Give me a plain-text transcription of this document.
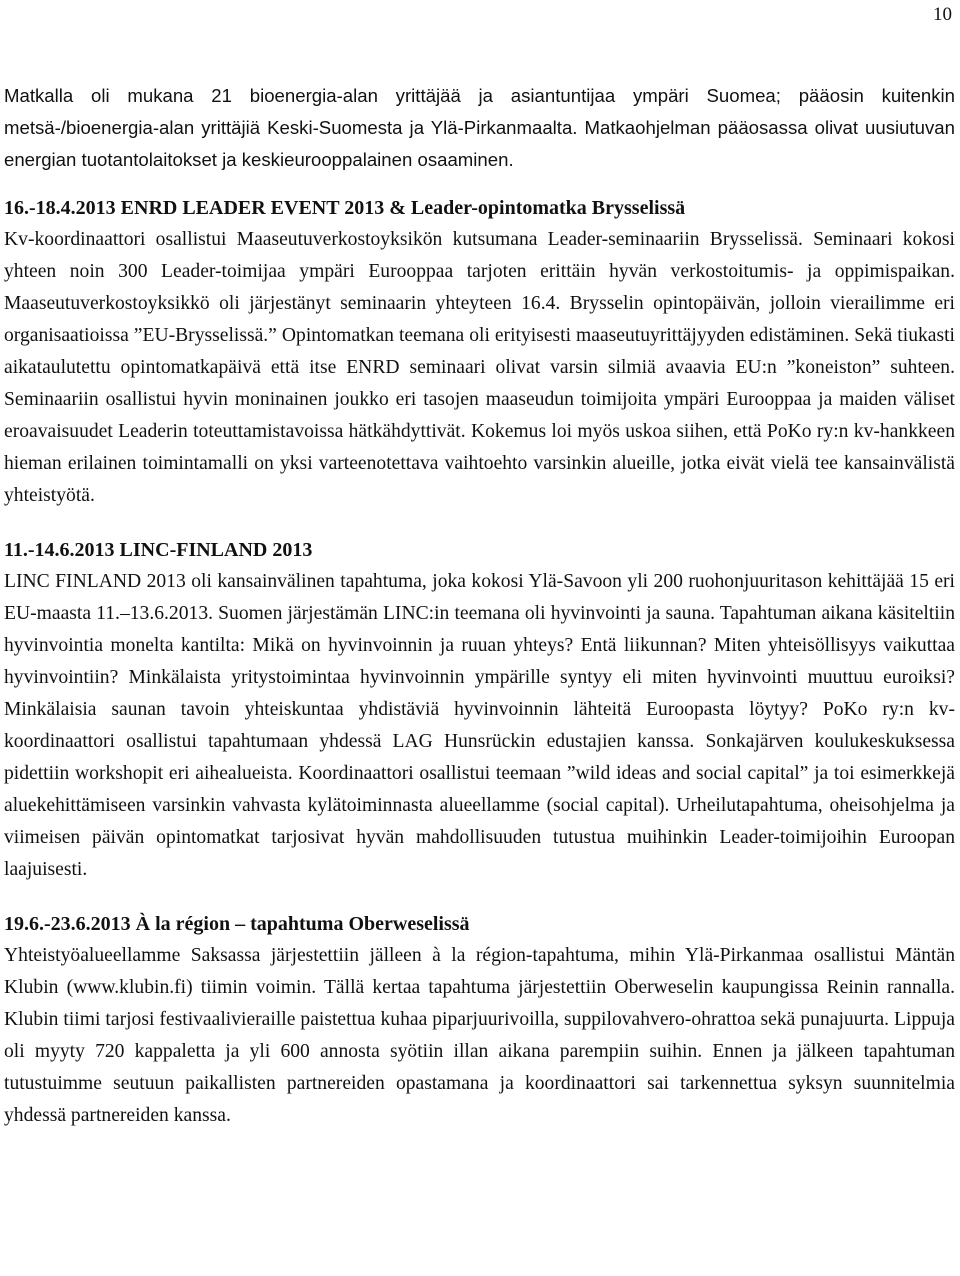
10

Matkalla oli mukana 21 bioenergia-alan yrittäjää ja asiantuntijaa ympäri Suomea; pääosin kuitenkin metsä-/bioenergia-alan yrittäjiä Keski-Suomesta ja Ylä-Pirkanmaalta. Matkaohjelman pääosassa olivat uusiutuvan energian tuotantolaitokset ja keskieurooppalainen osaaminen.

16.-18.4.2013 ENRD LEADER EVENT 2013 & Leader-opintomatka Brysselissä

Kv-koordinaattori osallistui Maaseutuverkostoyksikön kutsumana Leader-seminaariin Brysselissä. Seminaari kokosi yhteen noin 300 Leader-toimijaa ympäri Eurooppaa tarjoten erittäin hyvän verkostoitumis- ja oppimispaikan. Maaseutuverkostoyksikkö oli järjestänyt seminaarin yhteyteen 16.4. Brysselin opintopäivän, jolloin vierailimme eri organisaatioissa ”EU-Brysselissä.” Opintomatkan teemana oli erityisesti maaseutuyrittäjyyden edistäminen. Sekä tiukasti aikataulutettu opintomatkapäivä että itse ENRD seminaari olivat varsin silmiä avaavia EU:n ”koneiston” suhteen. Seminaariin osallistui hyvin moninainen joukko eri tasojen maaseudun toimijoita ympäri Eurooppaa ja maiden väliset eroavaisuudet Leaderin toteuttamistavoissa hätkähdyttivät. Kokemus loi myös uskoa siihen, että PoKo ry:n kv-hankkeen hieman erilainen toimintamalli on yksi varteenotettava vaihtoehto varsinkin alueille, jotka eivät vielä tee kansainvälistä yhteistyötä.

11.-14.6.2013 LINC-FINLAND 2013

LINC FINLAND 2013 oli kansainvälinen tapahtuma, joka kokosi Ylä-Savoon yli 200 ruohonjuuritason kehittäjää 15 eri EU-maasta 11.–13.6.2013. Suomen järjestämän LINC:in teemana oli hyvinvointi ja sauna. Tapahtuman aikana käsiteltiin hyvinvointia monelta kantilta: Mikä on hyvinvoinnin ja ruuan yhteys? Entä liikunnan? Miten yhteisöllisyys vaikuttaa hyvinvointiin? Minkälaista yritystoimintaa hyvinvoinnin ympärille syntyy eli miten hyvinvointi muuttuu euroiksi? Minkälaisia saunan tavoin yhteiskuntaa yhdistäviä hyvinvoinnin lähteitä Euroopasta löytyy? PoKo ry:n kv-koordinaattori osallistui tapahtumaan yhdessä LAG Hunsrückin edustajien kanssa. Sonkajärven koulukeskuksessa pidettiin workshopit eri aihealueista. Koordinaattori osallistui teemaan ”wild ideas and social capital” ja toi esimerkkejä aluekehittämiseen varsinkin vahvasta kylätoiminnasta alueellamme (social capital). Urheilutapahtuma, oheisohjelma ja viimeisen päivän opintomatkat tarjosivat hyvän mahdollisuuden tutustua muihinkin Leader-toimijoihin Euroopan laajuisesti.

19.6.-23.6.2013 À la région – tapahtuma Oberweselissä

Yhteistyöalueellamme Saksassa järjestettiin jälleen à la région-tapahtuma, mihin Ylä-Pirkanmaa osallistui Mäntän Klubin (www.klubin.fi) tiimin voimin. Tällä kertaa tapahtuma järjestettiin Oberweselin kaupungissa Reinin rannalla. Klubin tiimi tarjosi festivaalivieraille paistettua kuhaa piparjuurivoilla, suppilovahvero-ohrattoa sekä punajuurta. Lippuja oli myyty 720 kappaletta ja yli 600 annosta syötiin illan aikana parempiin suihin. Ennen ja jälkeen tapahtuman tutustuimme seutuun paikallisten partnereiden opastamana ja koordinaattori sai tarkennettua syksyn suunnitelmia yhdessä partnereiden kanssa.
